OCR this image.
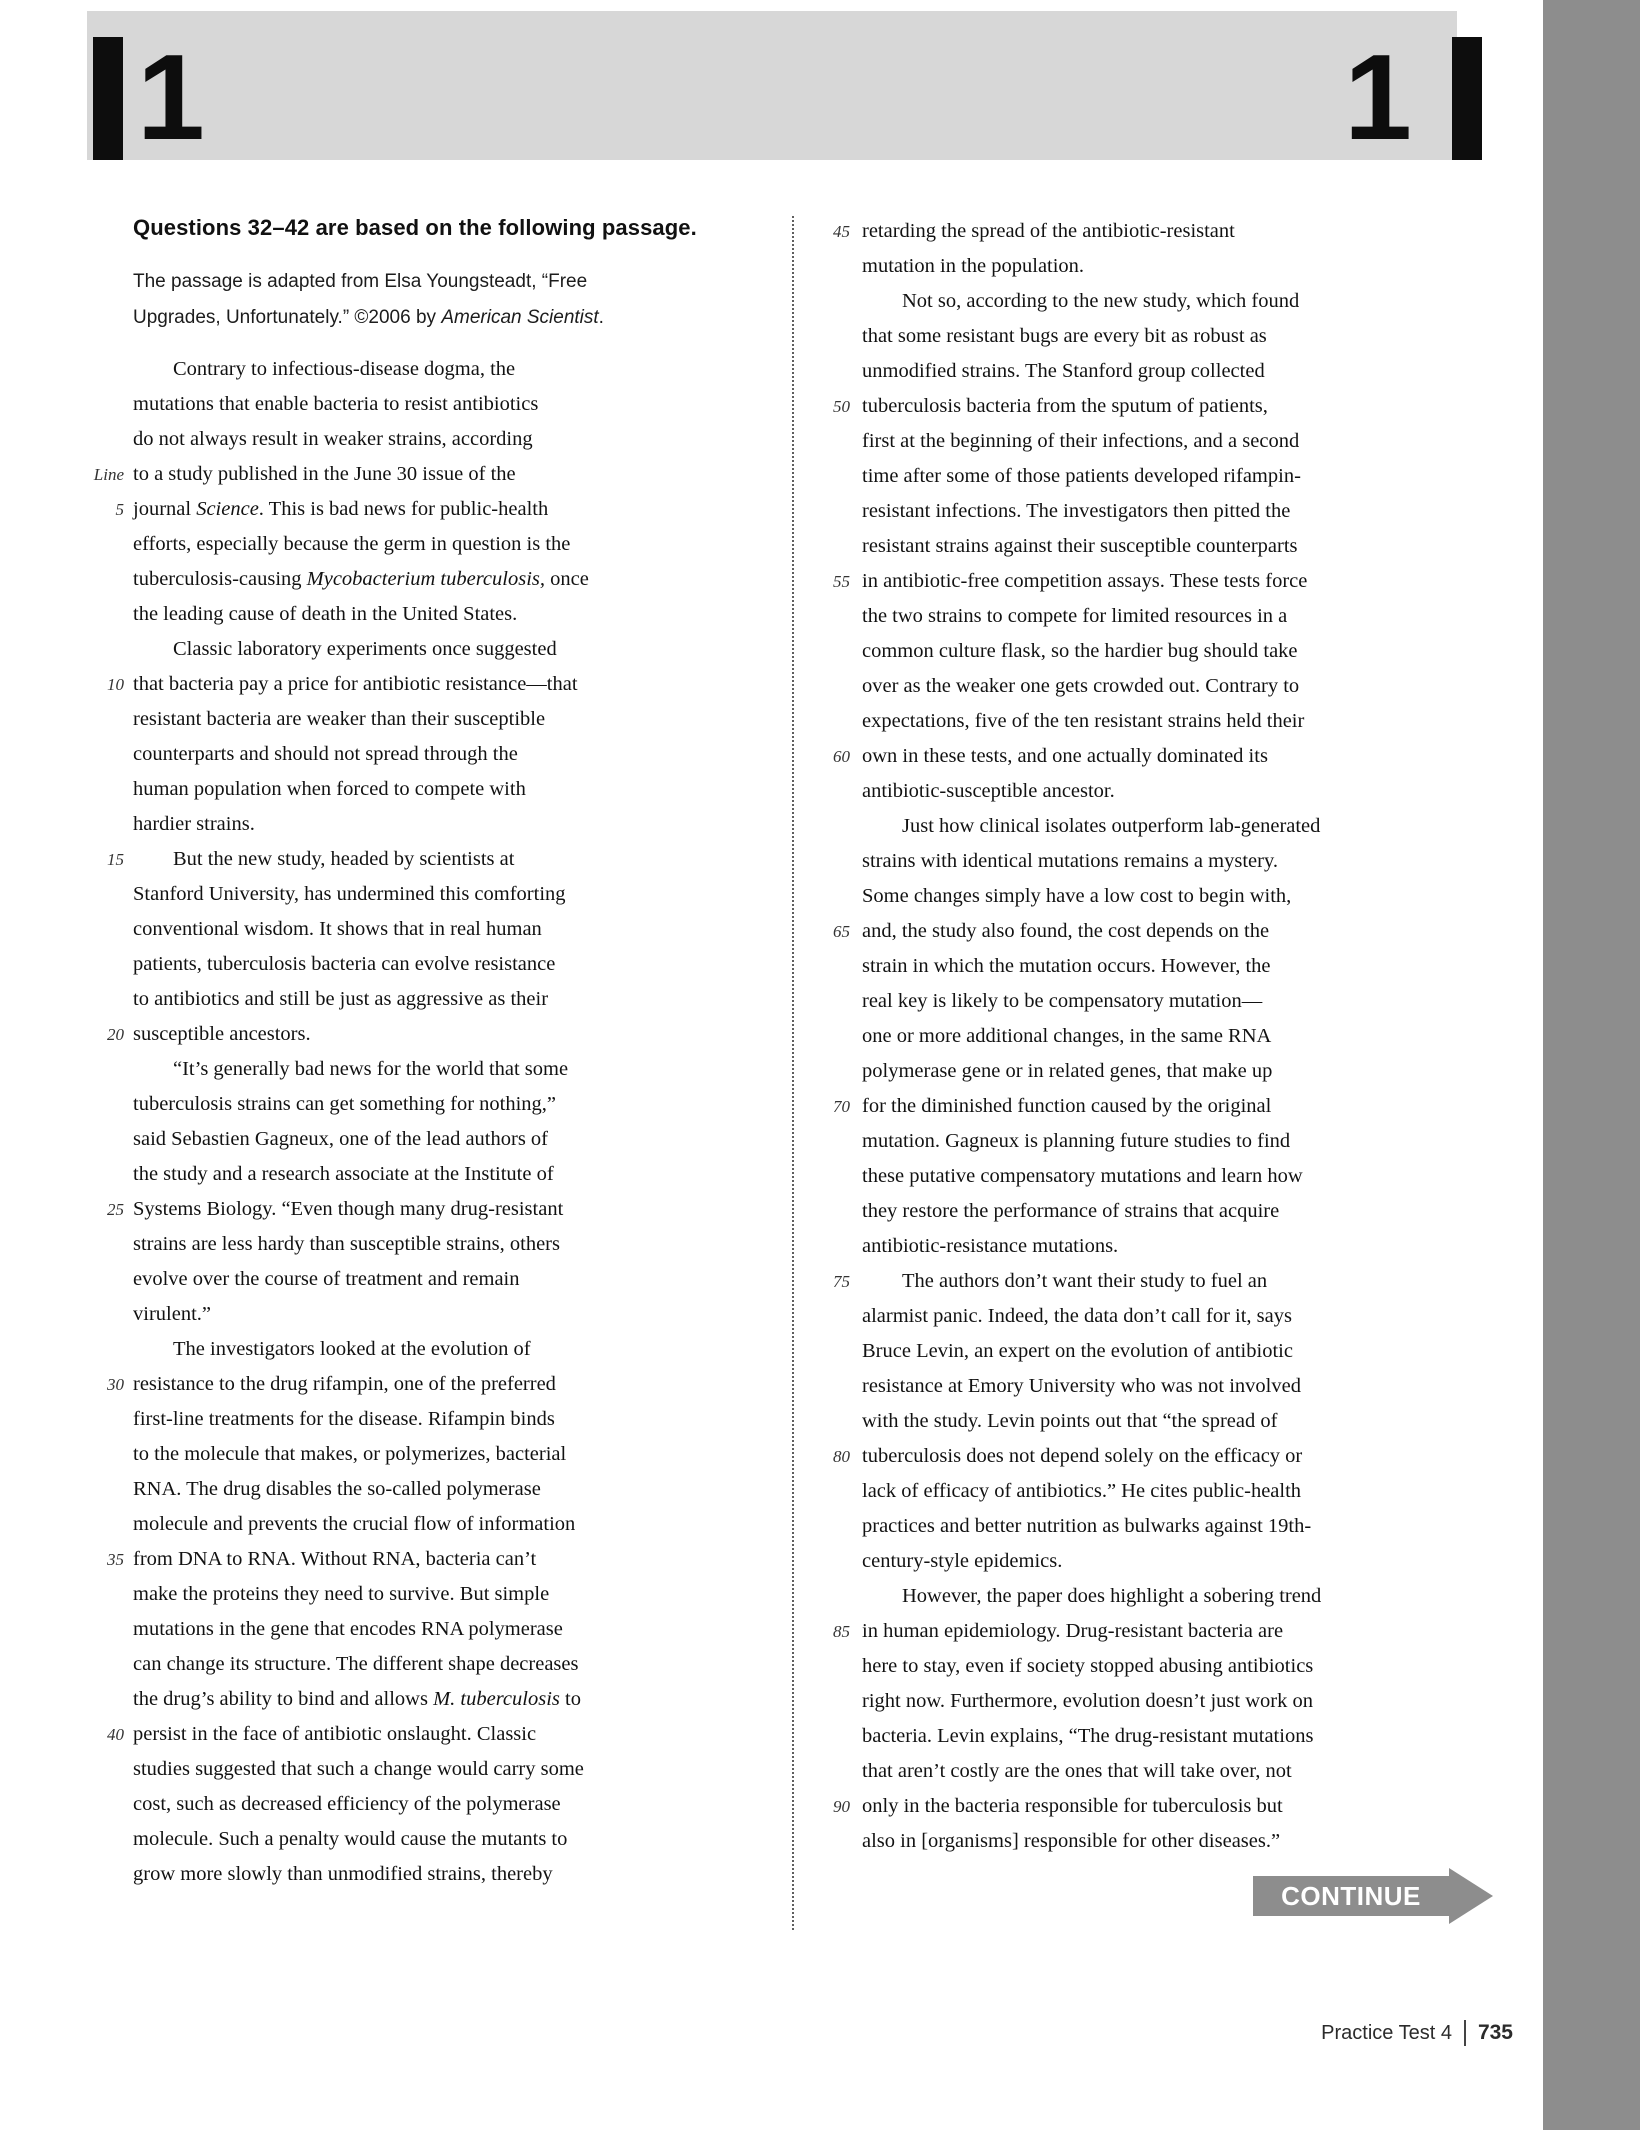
1	1
Questions 32–42 are based on the following passage.
The passage is adapted from Elsa Youngsteadt, “Free
Upgrades, Unfortunately.” ©2006 by American Scientist.
Contrary to infectious-disease dogma, the
mutations that enable bacteria to resist antibiotics
do not always result in weaker strains, according
Line to a study published in the June 30 issue of the
5 journal Science. This is bad news for public-health
efforts, especially because the germ in question is the
tuberculosis-causing Mycobacterium tuberculosis, once
the leading cause of death in the United States.
Classic laboratory experiments once suggested
10 that bacteria pay a price for antibiotic resistance—that
resistant bacteria are weaker than their susceptible
counterparts and should not spread through the
human population when forced to compete with
hardier strains.
15	But the new study, headed by scientists at
Stanford University, has undermined this comforting
conventional wisdom. It shows that in real human
patients, tuberculosis bacteria can evolve resistance
to antibiotics and still be just as aggressive as their
20 susceptible ancestors.
“It’s generally bad news for the world that some
tuberculosis strains can get something for nothing,”
said Sebastien Gagneux, one of the lead authors of
the study and a research associate at the Institute of
25 Systems Biology. “Even though many drug-resistant
strains are less hardy than susceptible strains, others
evolve over the course of treatment and remain
virulent.”
The investigators looked at the evolution of
30 resistance to the drug rifampin, one of the preferred
first-line treatments for the disease. Rifampin binds
to the molecule that makes, or polymerizes, bacterial
RNA. The drug disables the so-called polymerase
molecule and prevents the crucial flow of information
35 from DNA to RNA. Without RNA, bacteria can’t
make the proteins they need to survive. But simple
mutations in the gene that encodes RNA polymerase
can change its structure. The different shape decreases
the drug’s ability to bind and allows M. tuberculosis to
40 persist in the face of antibiotic onslaught. Classic
studies suggested that such a change would carry some
cost, such as decreased efficiency of the polymerase
molecule. Such a penalty would cause the mutants to
grow more slowly than unmodified strains, thereby
45 retarding the spread of the antibiotic-resistant
mutation in the population.
Not so, according to the new study, which found
that some resistant bugs are every bit as robust as
unmodified strains. The Stanford group collected
50 tuberculosis bacteria from the sputum of patients,
first at the beginning of their infections, and a second
time after some of those patients developed rifampin-
resistant infections. The investigators then pitted the
resistant strains against their susceptible counterparts
55 in antibiotic-free competition assays. These tests force
the two strains to compete for limited resources in a
common culture flask, so the hardier bug should take
over as the weaker one gets crowded out. Contrary to
expectations, five of the ten resistant strains held their
60 own in these tests, and one actually dominated its
antibiotic-susceptible ancestor.
Just how clinical isolates outperform lab-generated
strains with identical mutations remains a mystery.
Some changes simply have a low cost to begin with,
65 and, the study also found, the cost depends on the
strain in which the mutation occurs. However, the
real key is likely to be compensatory mutation—
one or more additional changes, in the same RNA
polymerase gene or in related genes, that make up
70 for the diminished function caused by the original
mutation. Gagneux is planning future studies to find
these putative compensatory mutations and learn how
they restore the performance of strains that acquire
antibiotic-resistance mutations.
75	The authors don’t want their study to fuel an
alarmist panic. Indeed, the data don’t call for it, says
Bruce Levin, an expert on the evolution of antibiotic
resistance at Emory University who was not involved
with the study. Levin points out that “the spread of
80 tuberculosis does not depend solely on the efficacy or
lack of efficacy of antibiotics.” He cites public-health
practices and better nutrition as bulwarks against 19th-
century-style epidemics.
However, the paper does highlight a sobering trend
85 in human epidemiology. Drug-resistant bacteria are
here to stay, even if society stopped abusing antibiotics
right now. Furthermore, evolution doesn’t just work on
bacteria. Levin explains, “The drug-resistant mutations
that aren’t costly are the ones that will take over, not
90 only in the bacteria responsible for tuberculosis but
also in [organisms] responsible for other diseases.”
CONTINUE
Practice Test 4 735
